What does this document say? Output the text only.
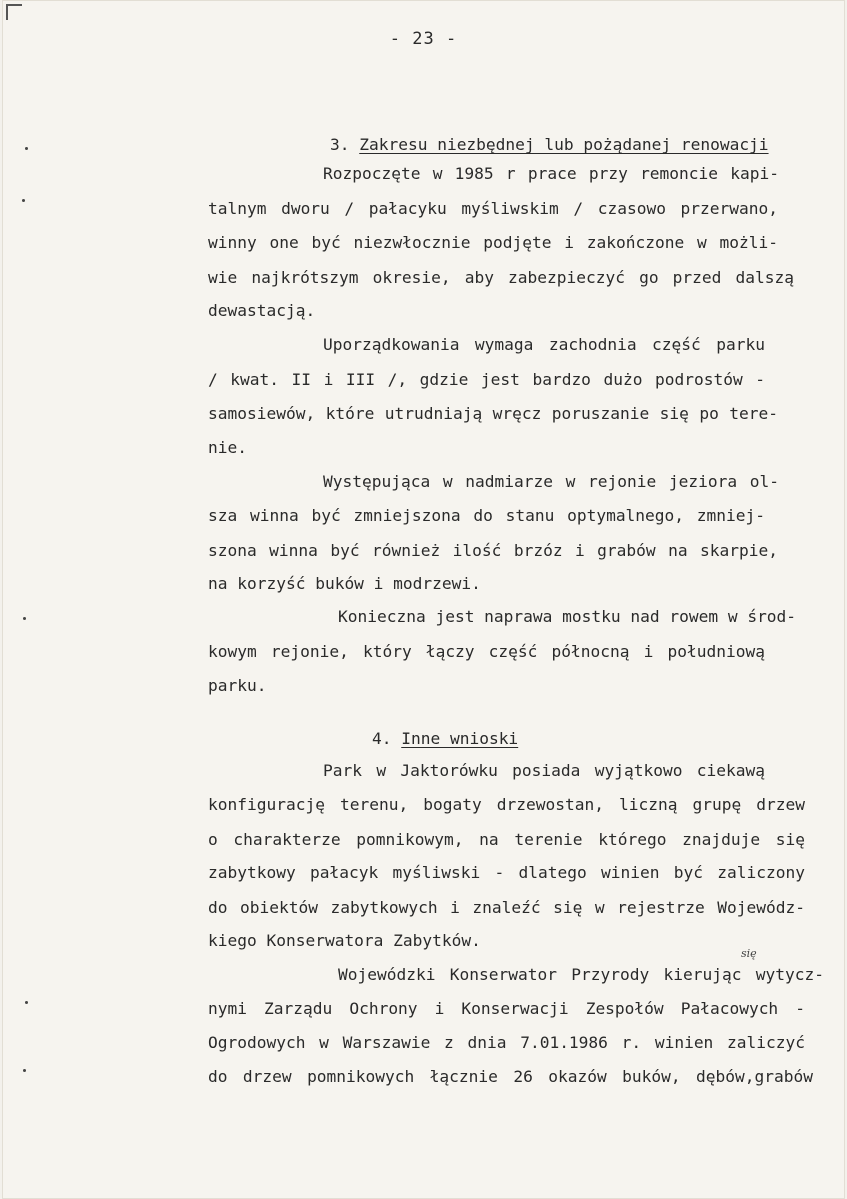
- 23 -

3. Zakresu niezbędnej lub pożądanej renowacji

Rozpoczęte w 1985 r prace przy remoncie kapi-
talnym dworu / pałacyku myśliwskim / czasowo przerwano,
winny one być niezwłocznie podjęte i zakończone w możli-
wie najkrótszym okresie, aby zabezpieczyć go przed dalszą
dewastacją.
Uporządkowania wymaga zachodnia część parku
/ kwat. II i III /, gdzie jest bardzo dużo podrostów -
samosiewów, które utrudniają wręcz poruszanie się po tere-
nie.
Występująca w nadmiarze w rejonie jeziora ol-
sza winna być zmniejszona do stanu optymalnego, zmniej-
szona winna być również ilość brzóz i grabów na skarpie,
na korzyść buków i modrzewi.
Konieczna jest naprawa mostku nad rowem w środ-
kowym rejonie, który łączy część północną i południową
parku.

4. Inne wnioski

Park w Jaktorówku posiada wyjątkowo ciekawą
konfigurację terenu, bogaty drzewostan, liczną grupę drzew
o charakterze pomnikowym, na terenie którego znajduje się
zabytkowy pałacyk myśliwski - dlatego winien być zaliczony
do obiektów zabytkowych i znaleźć się w rejestrze Wojewódz-
kiego Konserwatora Zabytków.
się
Wojewódzki Konserwator Przyrody kierując wytycz-
nymi Zarządu Ochrony i Konserwacji Zespołów Pałacowych -
Ogrodowych w Warszawie z dnia 7.01.1986 r. winien zaliczyć
do drzew pomnikowych łącznie 26 okazów buków, dębów,grabów
